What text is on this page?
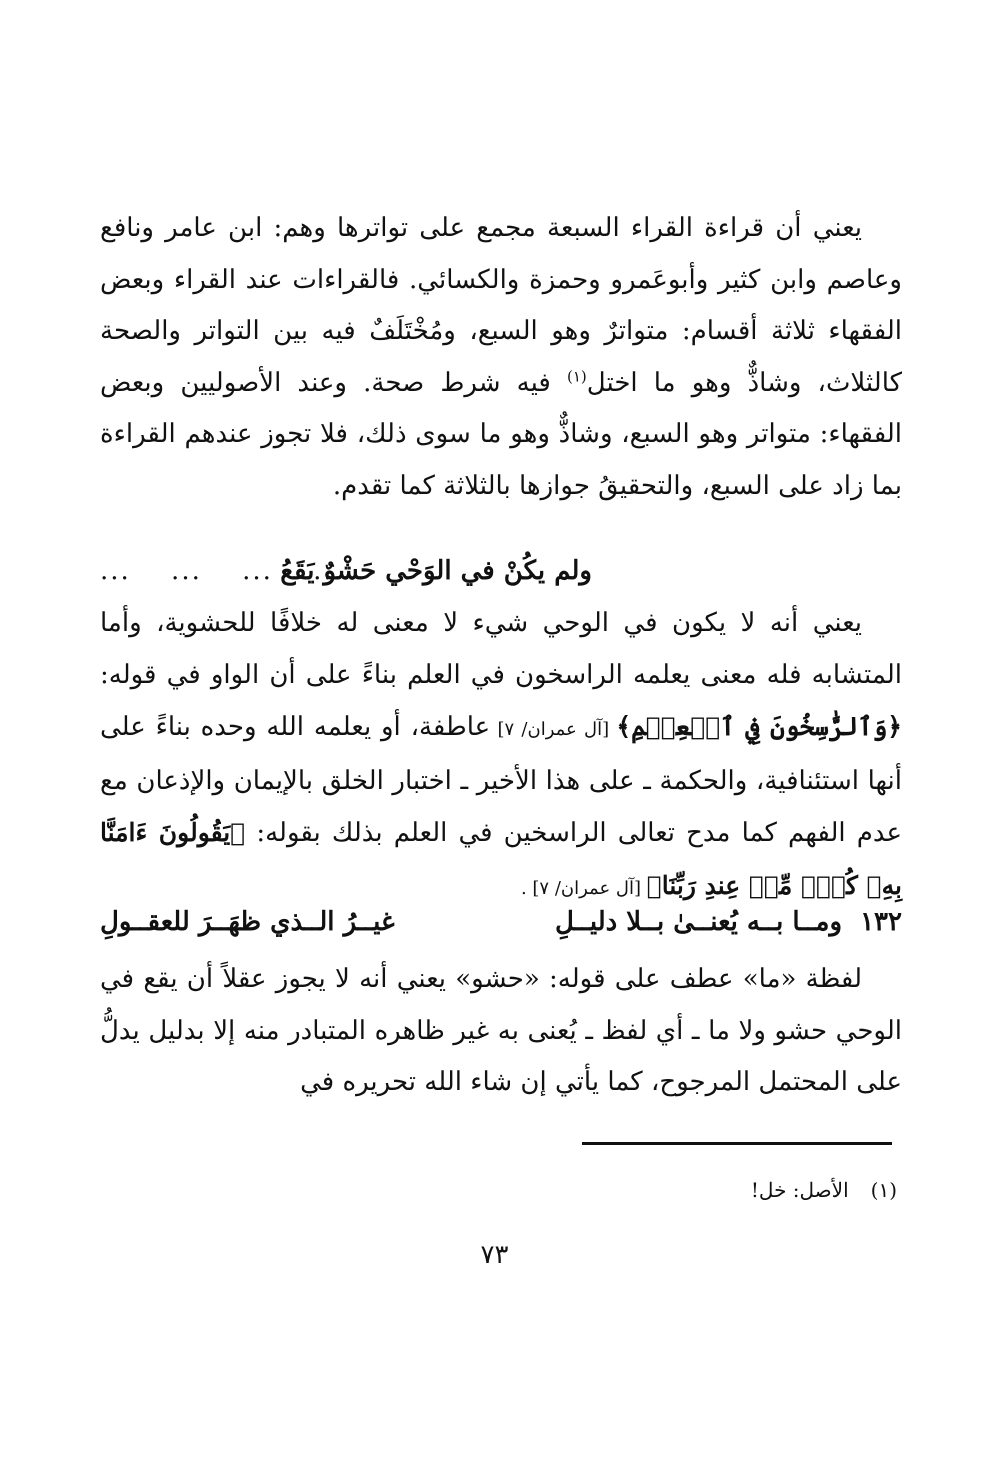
يعني أن قراءة القراء السبعة مجمع على تواترها وهم: ابن عامر ونافع وعاصم وابن كثير وأبوعَمرو وحمزة والكسائي. فالقراءات عند القراء وبعض الفقهاء ثلاثة أقسام: متواترٌ وهو السبع، ومُخْتَلَفٌ فيه بين التواتر والصحة كالثلاث، وشاذٌّ وهو ما اختل$^{(١)}$ فيه شرط صحة. وعند الأصوليين وبعض الفقهاء: متواتر وهو السبع، وشاذٌّ وهو ما سوى ذلك، فلا تجوز عندهم القراءة بما زاد على السبع، والتحقيقُ جوازها بالثلاثة كما تقدم.

ولم يكُنْ في الوَحْي حَشْوٌ يَقَعُ
... ... ... ...

يعني أنه لا يكون في الوحي شيء لا معنى له خلافًا للحشوية، وأما المتشابه فله معنى يعلمه الراسخون في العلم بناءً على أن الواو في قوله: ﴿وَٱلرَّٰسِخُونَ فِي ٱلۡعِلۡمِ﴾ [آل عمران/ ٧] عاطفة، أو يعلمه الله وحده بناءً على أنها استئنافية، والحكمة ـ على هذا الأخير ـ اختبار الخلق بالإيمان والإذعان مع عدم الفهم كما مدح تعالى الراسخين في العلم بذلك بقوله: ﴿يَقُولُونَ ءَامَنَّا بِهِۦ كُلّٞ مِّنۡ عِندِ رَبِّنَا﴾ [آل عمران/ ٧] .

١٣٢
ومــا بــه يُعنــىٰ بــلا دليــلِ
غيــرُ الــذي ظهَــرَ للعقــولِ

لفظة «ما» عطف على قوله: «حشو» يعني أنه لا يجوز عقلاً أن يقع في الوحي حشو ولا ما ـ أي لفظ ـ يُعنى به غير ظاهره المتبادر منه إلا بدليل يدلُّ على المحتمل المرجوح، كما يأتي إن شاء الله تحريره في

(١)الأصل: خل!
٧٣
